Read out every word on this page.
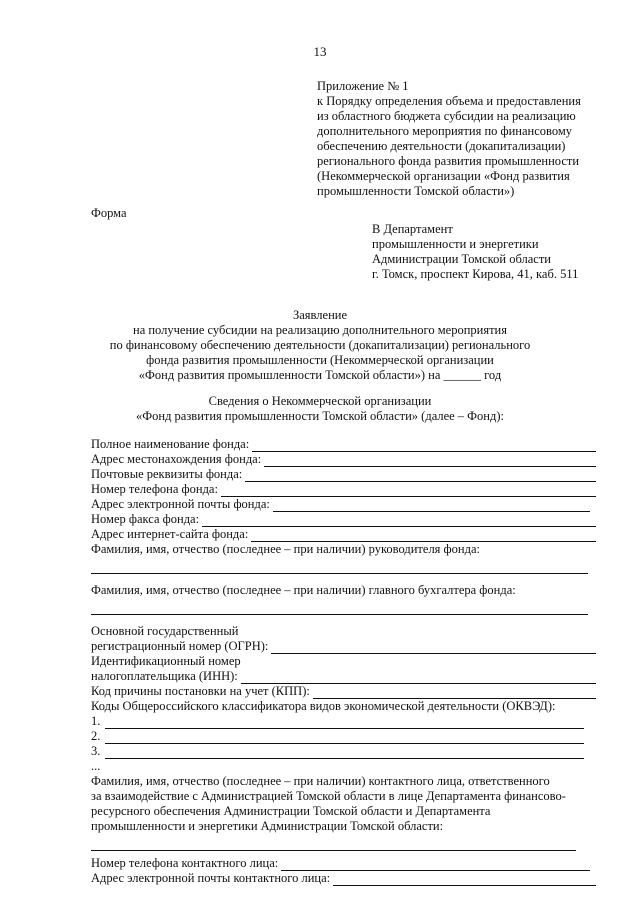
13
Приложение № 1
к Порядку определения объема и предоставления
из областного бюджета субсидии на реализацию
дополнительного мероприятия по финансовому
обеспечению деятельности (докапитализации)
регионального фонда развития промышленности
(Некоммерческой организации «Фонд развития
промышленности Томской области»)
Форма
В Департамент
промышленности и энергетики
Администрации Томской области
г. Томск, проспект Кирова, 41, каб. 511
Заявление
на получение субсидии на реализацию дополнительного мероприятия
по финансовому обеспечению деятельности (докапитализации) регионального
фонда развития промышленности (Некоммерческой организации
«Фонд развития промышленности Томской области») на ______ год
Сведения о Некоммерческой организации
«Фонд развития промышленности Томской области» (далее – Фонд):
Полное наименование фонда:
Адрес местонахождения фонда:
Почтовые реквизиты фонда:
Номер телефона фонда:
Адрес электронной почты фонда:
Номер факса фонда:
Адрес интернет-сайта фонда:
Фамилия, имя, отчество (последнее – при наличии) руководителя фонда:
Фамилия, имя, отчество (последнее – при наличии) главного бухгалтера фонда:
Основной государственный
регистрационный номер (ОГРН):
Идентификационный номер
налогоплательщика (ИНН):
Код причины постановки на учет (КПП):
Коды Общероссийского классификатора видов экономической деятельности (ОКВЭД):
1.
2.
3.
...
Фамилия, имя, отчество (последнее – при наличии) контактного лица, ответственного
за взаимодействие с Администрацией Томской области в лице Департамента финансово-
ресурсного обеспечения Администрации Томской области и Департамента
промышленности и энергетики Администрации Томской области:
Номер телефона контактного лица:
Адрес электронной почты контактного лица:
